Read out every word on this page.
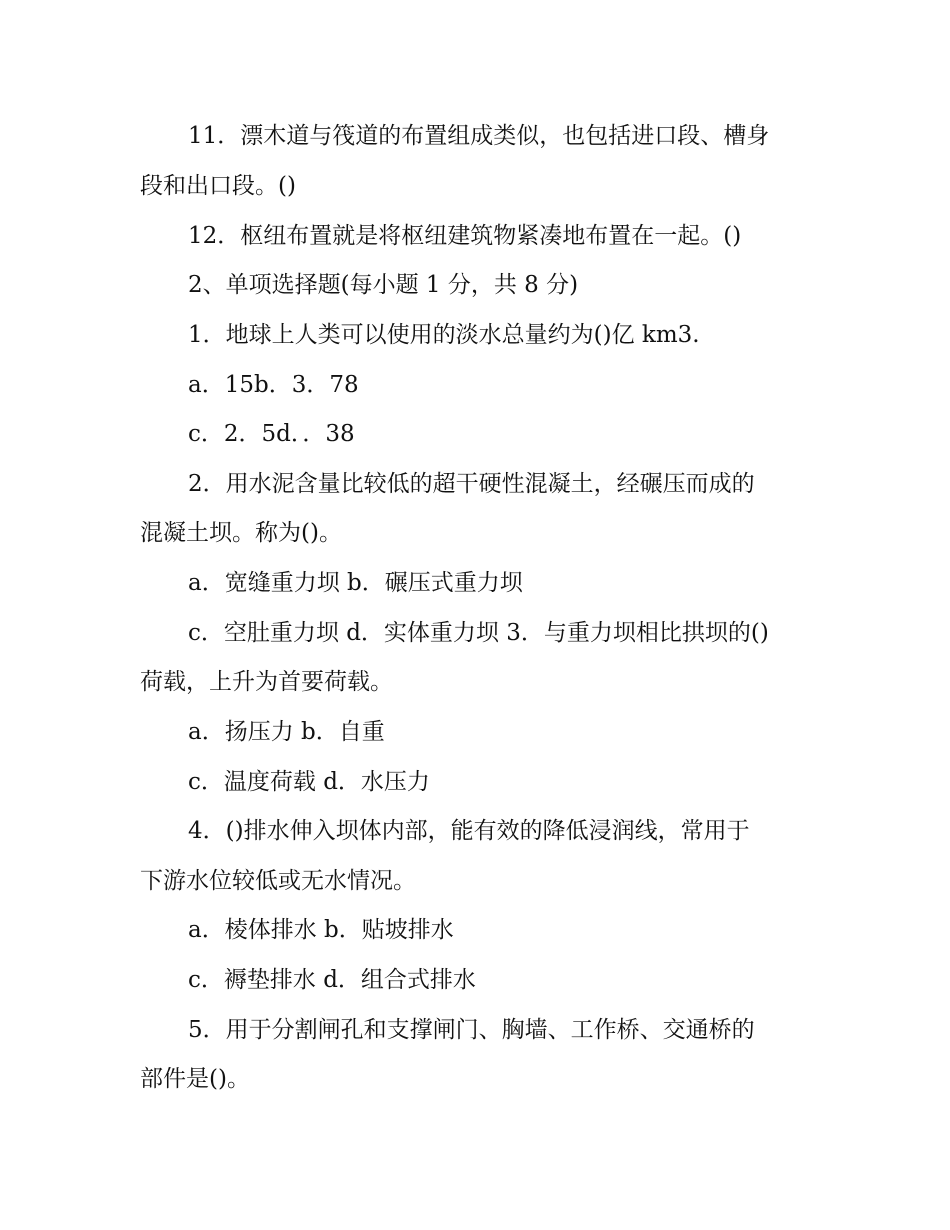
11．漂木道与筏道的布置组成类似，也包括进口段、槽身
段和出口段。()
12．枢纽布置就是将枢纽建筑物紧凑地布置在一起。()
2、单项选择题(每小题 1 分，共 8 分)
1．地球上人类可以使用的淡水总量约为()亿 km3.
a．15b．3．78
c．2．5d．．38
2．用水泥含量比较低的超干硬性混凝土，经碾压而成的
混凝土坝。称为()。
a．宽缝重力坝 b．碾压式重力坝
c．空肚重力坝 d．实体重力坝 3．与重力坝相比拱坝的()
荷载，上升为首要荷载。
a．扬压力 b．自重
c．温度荷载 d．水压力
4．()排水伸入坝体内部，能有效的降低浸润线，常用于
下游水位较低或无水情况。
a．棱体排水 b．贴坡排水
c．褥垫排水 d．组合式排水
5．用于分割闸孔和支撑闸门、胸墙、工作桥、交通桥的
部件是()。
